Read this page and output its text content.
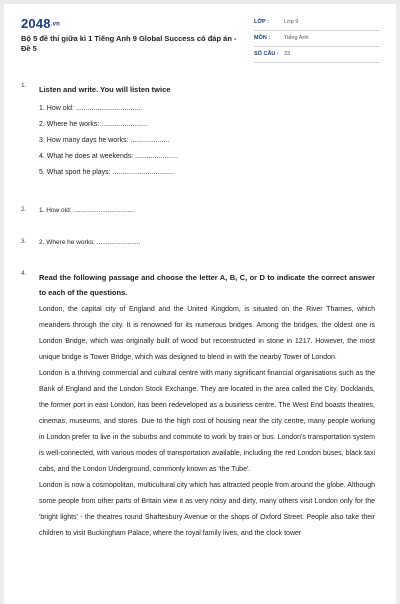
2048.vn
Bộ 5 đề thi giữa kì 1 Tiếng Anh 9 Global Success có đáp án - Đề 5
LỚP :	Lớp 9
MÔN :	Tiếng Anh
SỐ CÂU : 33
1. Listen and write. You will listen twice
1. How old: ..................................
2. Where he works: ........................
3. How many days he works: ....................
4. What he does at weekends: ......................
5. What sport he plays: ................................
2. 1. How old: ..................................
3. 2. Where he works: ........................
4. Read the following passage and choose the letter A, B, C, or D to indicate the correct answer to each of the questions.
London, the capital city of England and the United Kingdom, is situated on the River Thames, which meanders through the city. It is renowned for its numerous bridges. Among the bridges, the oldest one is London Bridge, which was originally built of wood but reconstructed in stone in 1217. However, the most unique bridge is Tower Bridge, which was designed to blend in with the nearby Tower of London.
London is a thriving commercial and cultural centre with many significant financial organisations such as the Bank of England and the London Stock Exchange. They are located in the area called the City. Docklands, the former port in east London, has been redeveloped as a business centre. The West End boasts theatres, cinemas, museums, and stores. Due to the high cost of housing near the city centre, many people working in London prefer to live in the suburbs and commute to work by train or bus. London's transportation system is well-connected, with various modes of transportation available, including the red London buses, black taxi cabs, and the London Underground, commonly known as 'the Tube'.
London is now a cosmopolitan, multicultural city which has attracted people from around the globe. Although some people from other parts of Britain view it as very noisy and dirty, many others visit London only for the 'bright lights' - the theatres round Shaftesbury Avenue or the shops of Oxford Street. People also take their children to visit Buckingham Palace, where the royal family lives, and the clock tower
